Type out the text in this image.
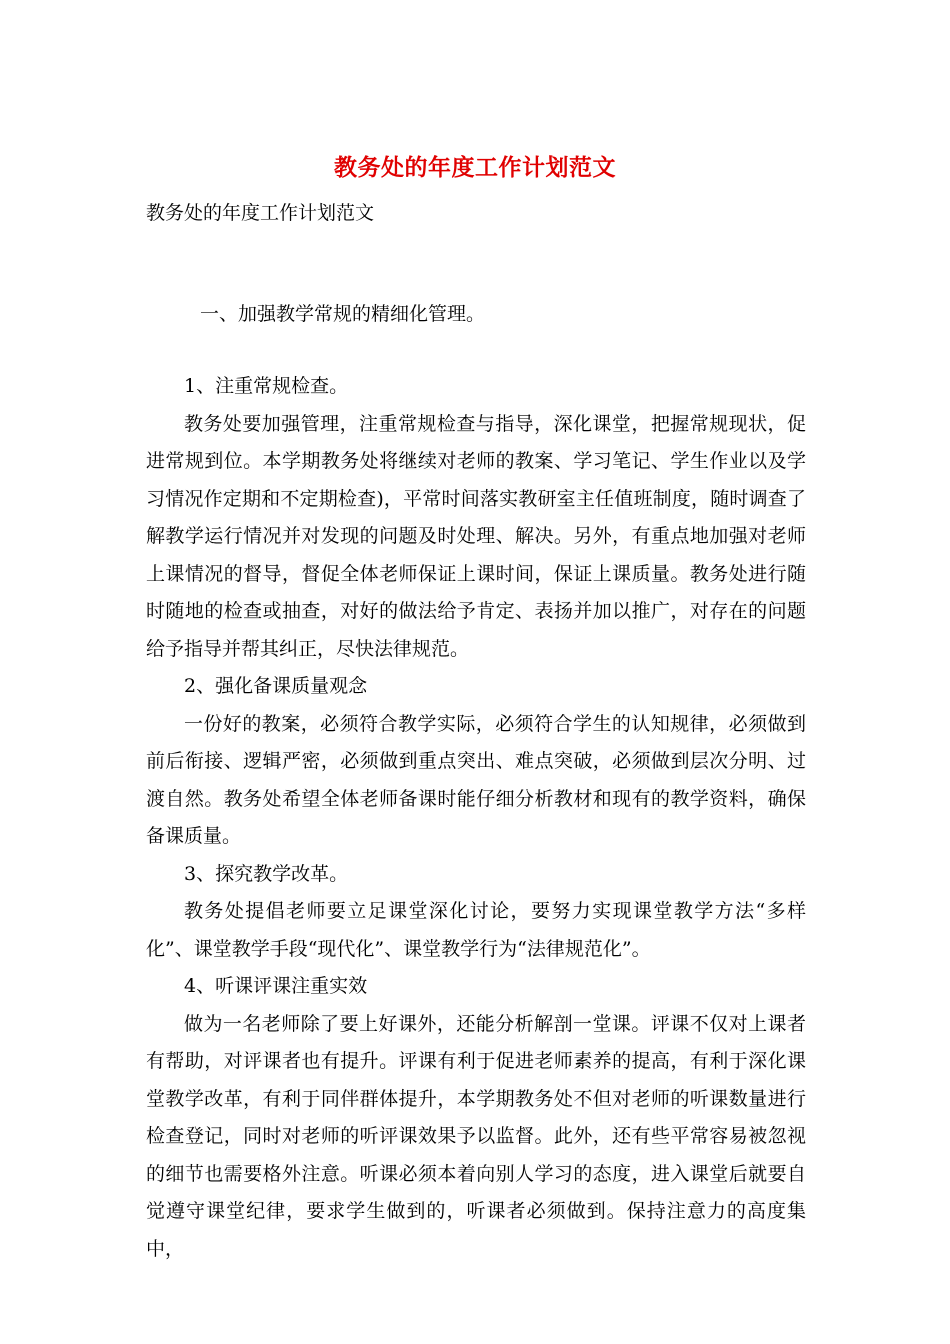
教务处的年度工作计划范文
教务处的年度工作计划范文
一、加强教学常规的精细化管理。

1、注重常规检查。

教务处要加强管理，注重常规检查与指导，深化课堂，把握常规现状，促进常规到位。本学期教务处将继续对老师的教案、学习笔记、学生作业以及学习情况作定期和不定期检查)，平常时间落实教研室主任值班制度，随时调查了解教学运行情况并对发现的问题及时处理、解决。另外，有重点地加强对老师上课情况的督导，督促全体老师保证上课时间，保证上课质量。教务处进行随时随地的检查或抽查，对好的做法给予肯定、表扬并加以推广，对存在的问题给予指导并帮其纠正，尽快法律规范。

2、强化备课质量观念

一份好的教案，必须符合教学实际，必须符合学生的认知规律，必须做到前后衔接、逻辑严密，必须做到重点突出、难点突破，必须做到层次分明、过渡自然。教务处希望全体老师备课时能仔细分析教材和现有的教学资料，确保备课质量。

3、探究教学改革。

教务处提倡老师要立足课堂深化讨论，要努力实现课堂教学方法“多样化”、课堂教学手段“现代化”、课堂教学行为“法律规范化”。

4、听课评课注重实效

做为一名老师除了要上好课外，还能分析解剖一堂课。评课不仅对上课者有帮助，对评课者也有提升。评课有利于促进老师素养的提高，有利于深化课堂教学改革，有利于同伴群体提升，本学期教务处不但对老师的听课数量进行检查登记，同时对老师的听评课效果予以监督。此外，还有些平常容易被忽视的细节也需要格外注意。听课必须本着向别人学习的态度，进入课堂后就要自觉遵守课堂纪律，要求学生做到的，听课者必须做到。保持注意力的高度集中，
